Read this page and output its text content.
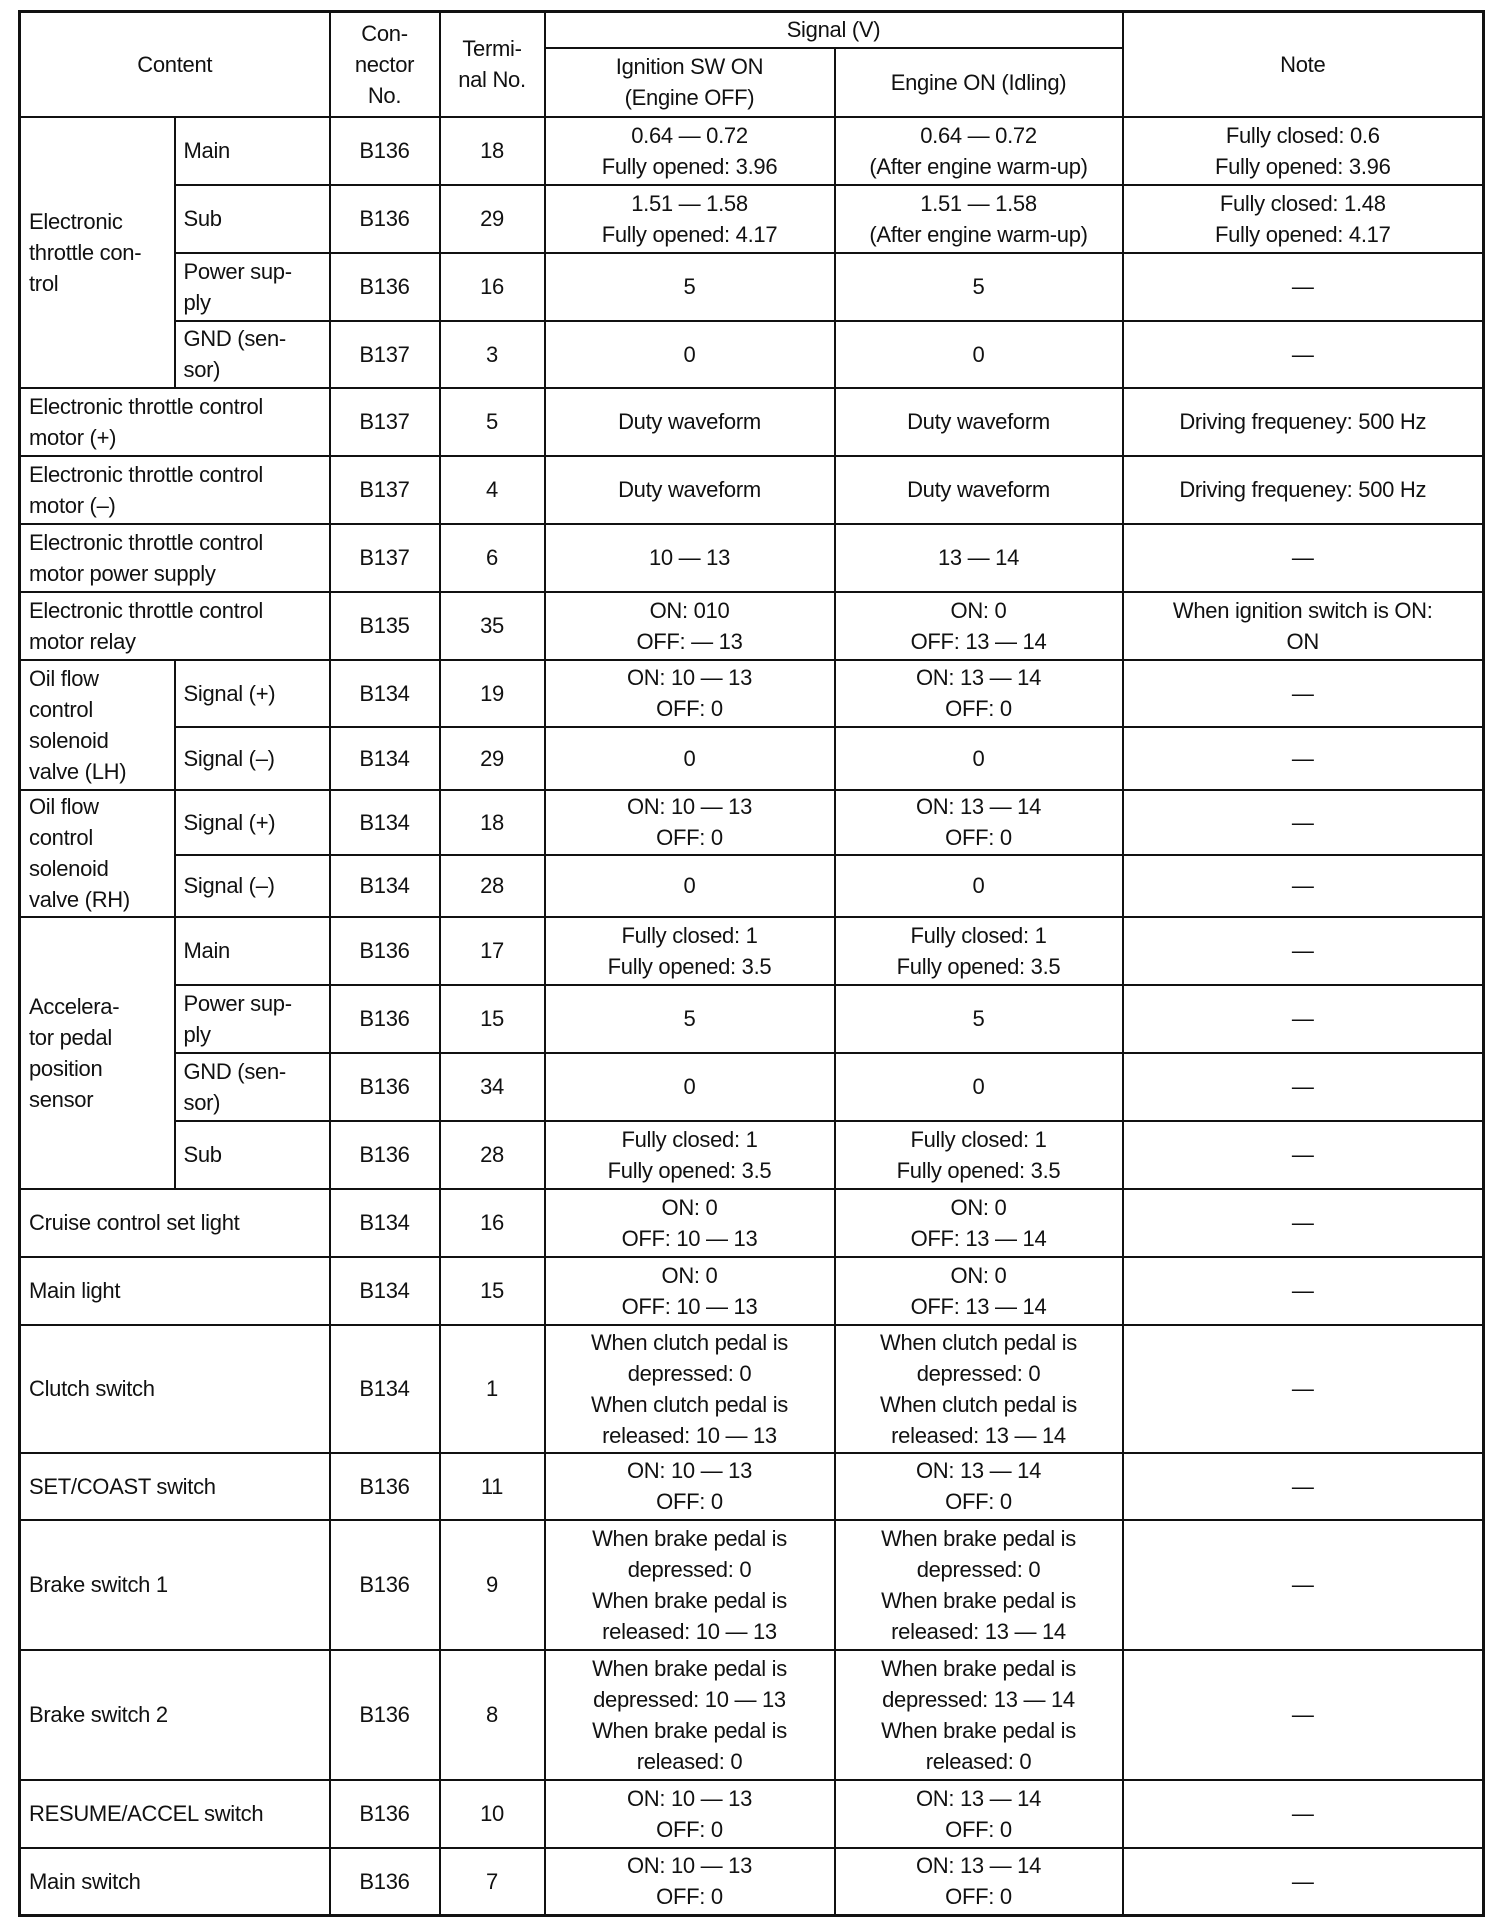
Content		Con-
nector
No.	Termi-
nal No.	Signal (V)		Note
				Ignition SW ON
(Engine OFF)	Engine ON (Idling)	
Electronic
throttle con-
trol	Main	B136	18	0.64 — 0.72
Fully opened: 3.96	0.64 — 0.72
(After engine warm-up)	Fully closed: 0.6
Fully opened: 3.96
	Sub	B136	29	1.51 — 1.58
Fully opened: 4.17	1.51 — 1.58
(After engine warm-up)	Fully closed: 1.48
Fully opened: 4.17
	Power sup-
ply	B136	16	5	5	—
	GND (sen-
sor)	B137	3	0	0	—
Electronic throttle control
motor (+)		B137	5	Duty waveform	Duty waveform	Driving frequeney: 500 Hz
Electronic throttle control
motor (–)		B137	4	Duty waveform	Duty waveform	Driving frequeney: 500 Hz
Electronic throttle control
motor power supply		B137	6	10 — 13	13 — 14	—
Electronic throttle control
motor relay		B135	35	ON: 010
OFF: — 13	ON: 0
OFF: 13 — 14	When ignition switch is ON:
ON
Oil flow
control
solenoid
valve (LH)	Signal (+)	B134	19	ON: 10 — 13
OFF: 0	ON: 13 — 14
OFF: 0	—
	Signal (–)	B134	29	0	0	—
Oil flow
control
solenoid
valve (RH)	Signal (+)	B134	18	ON: 10 — 13
OFF: 0	ON: 13 — 14
OFF: 0	—
	Signal (–)	B134	28	0	0	—
Accelera-
tor pedal
position
sensor	Main	B136	17	Fully closed: 1
Fully opened: 3.5	Fully closed: 1
Fully opened: 3.5	—
	Power sup-
ply	B136	15	5	5	—
	GND (sen-
sor)	B136	34	0	0	—
	Sub	B136	28	Fully closed: 1
Fully opened: 3.5	Fully closed: 1
Fully opened: 3.5	—
Cruise control set light		B134	16	ON: 0
OFF: 10 — 13	ON: 0
OFF: 13 — 14	—
Main light		B134	15	ON: 0
OFF: 10 — 13	ON: 0
OFF: 13 — 14	—
Clutch switch		B134	1	When clutch pedal is
depressed: 0
When clutch pedal is
released: 10 — 13	When clutch pedal is
depressed: 0
When clutch pedal is
released: 13 — 14	—
SET/COAST switch		B136	11	ON: 10 — 13
OFF: 0	ON: 13 — 14
OFF: 0	—
Brake switch 1		B136	9	When brake pedal is
depressed: 0
When brake pedal is
released: 10 — 13	When brake pedal is
depressed: 0
When brake pedal is
released: 13 — 14	—
Brake switch 2		B136	8	When brake pedal is
depressed: 10 — 13
When brake pedal is
released: 0	When brake pedal is
depressed: 13 — 14
When brake pedal is
released: 0	—
RESUME/ACCEL switch		B136	10	ON: 10 — 13
OFF: 0	ON: 13 — 14
OFF: 0	—
Main switch		B136	7	ON: 10 — 13
OFF: 0	ON: 13 — 14
OFF: 0	—
